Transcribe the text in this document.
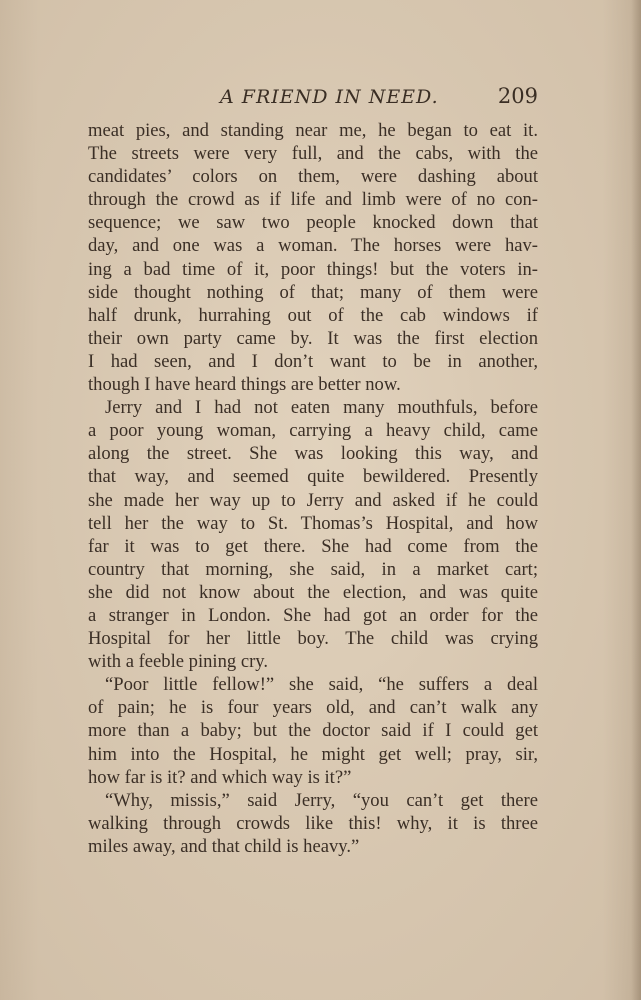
A FRIEND IN NEED.	209
meat pies, and standing near me, he began to eat it.
The streets were very full, and the cabs, with the
candidates’ colors on them, were dashing about
through the crowd as if life and limb were of no con-
sequence; we saw two people knocked down that
day, and one was a woman. The horses were hav-
ing a bad time of it, poor things! but the voters in-
side thought nothing of that; many of them were
half drunk, hurrahing out of the cab windows if
their own party came by. It was the first election
I had seen, and I don’t want to be in another,
though I have heard things are better now.
Jerry and I had not eaten many mouthfuls, before
a poor young woman, carrying a heavy child, came
along the street. She was looking this way, and
that way, and seemed quite bewildered. Presently
she made her way up to Jerry and asked if he could
tell her the way to St. Thomas’s Hospital, and how
far it was to get there. She had come from the
country that morning, she said, in a market cart;
she did not know about the election, and was quite
a stranger in London. She had got an order for the
Hospital for her little boy. The child was crying
with a feeble pining cry.
“Poor little fellow!” she said, “he suffers a deal
of pain; he is four years old, and can’t walk any
more than a baby; but the doctor said if I could get
him into the Hospital, he might get well; pray, sir,
how far is it? and which way is it?”
“Why, missis,” said Jerry, “you can’t get there
walking through crowds like this! why, it is three
miles away, and that child is heavy.”
